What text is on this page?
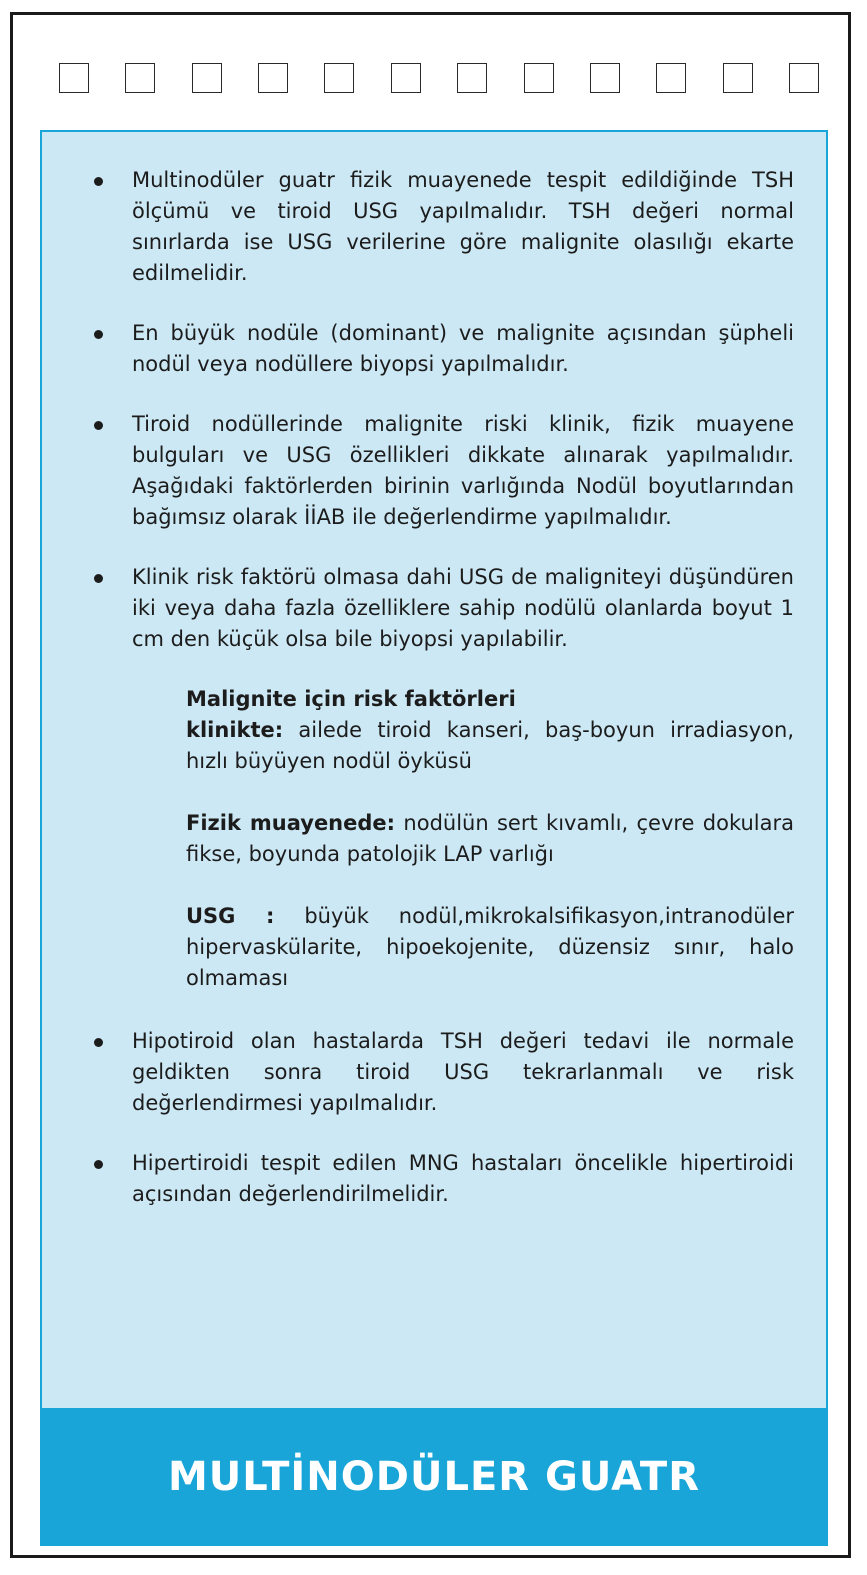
Multinodüler guatr fizik muayenede tespit edildiğinde TSH ölçümü ve tiroid USG yapılmalıdır. TSH değeri normal sınırlarda ise USG verilerine göre malignite olasılığı ekarte edilmelidir.
En büyük nodüle (dominant) ve malignite açısından şüpheli nodül veya nodüllere biyopsi yapılmalıdır.
Tiroid nodüllerinde malignite riski klinik, fizik muayene bulguları ve USG özellikleri dikkate alınarak yapılmalıdır. Aşağıdaki faktörlerden birinin varlığında Nodül boyutlarından bağımsız olarak İİAB ile değerlendirme yapılmalıdır.
Klinik risk faktörü olmasa dahi USG de maligniteyi düşündüren iki veya daha fazla özelliklere sahip nodülü olanlarda boyut 1 cm den küçük olsa bile biyopsi yapılabilir.
Malignite için risk faktörleri
klinikte: ailede tiroid kanseri, baş-boyun irradiasyon, hızlı büyüyen nodül öyküsü
Fizik muayenede: nodülün sert kıvamlı, çevre dokulara fikse, boyunda patolojik LAP varlığı
USG : büyük nodül,mikrokalsifikasyon,intranodüler hipervaskülarite, hipoekojenite, düzensiz sınır, halo olmaması
Hipotiroid olan hastalarda TSH değeri tedavi ile normale geldikten sonra tiroid USG tekrarlanmalı ve risk değerlendirmesi yapılmalıdır.
Hipertiroidi tespit edilen MNG hastaları öncelikle hipertiroidi açısından değerlendirilmelidir.
MULTİNODÜLER GUATR
